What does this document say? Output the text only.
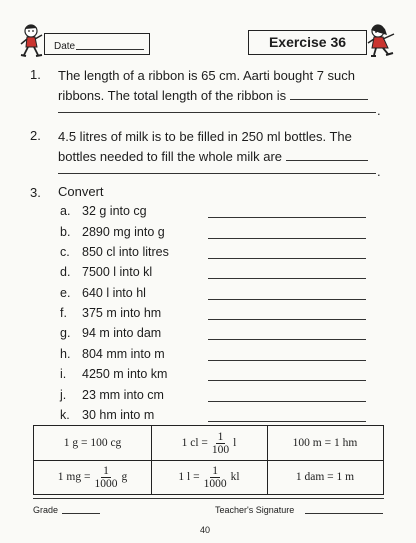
Date	Exercise 36
1. The length of a ribbon is 65 cm. Aarti bought 7 such
ribbons. The total length of the ribbon is
.
2. 4.5 litres of milk is to be filled in 250 ml bottles. The
bottles needed to fill the whole milk are
.
3. Convert
a. 32 g into cg
b. 2890 mg into g
c. 850 cl into litres
d. 7500 l into kl
e. 640 l into hl
f. 375 m into hm
g. 94 m into dam
h. 804 mm into m
i. 4250 m into km
j. 23 mm into cm
k. 30 hm into m
1 g = 100 cg	1 cl = $\frac{1}{100}$ l	100 m = 1 hm
1 mg = $\frac{1}{1000}$ g	1 $l = \frac{1}{1000}$ kl	1 dam = 1 m
Grade	Teacher's Signature
40
